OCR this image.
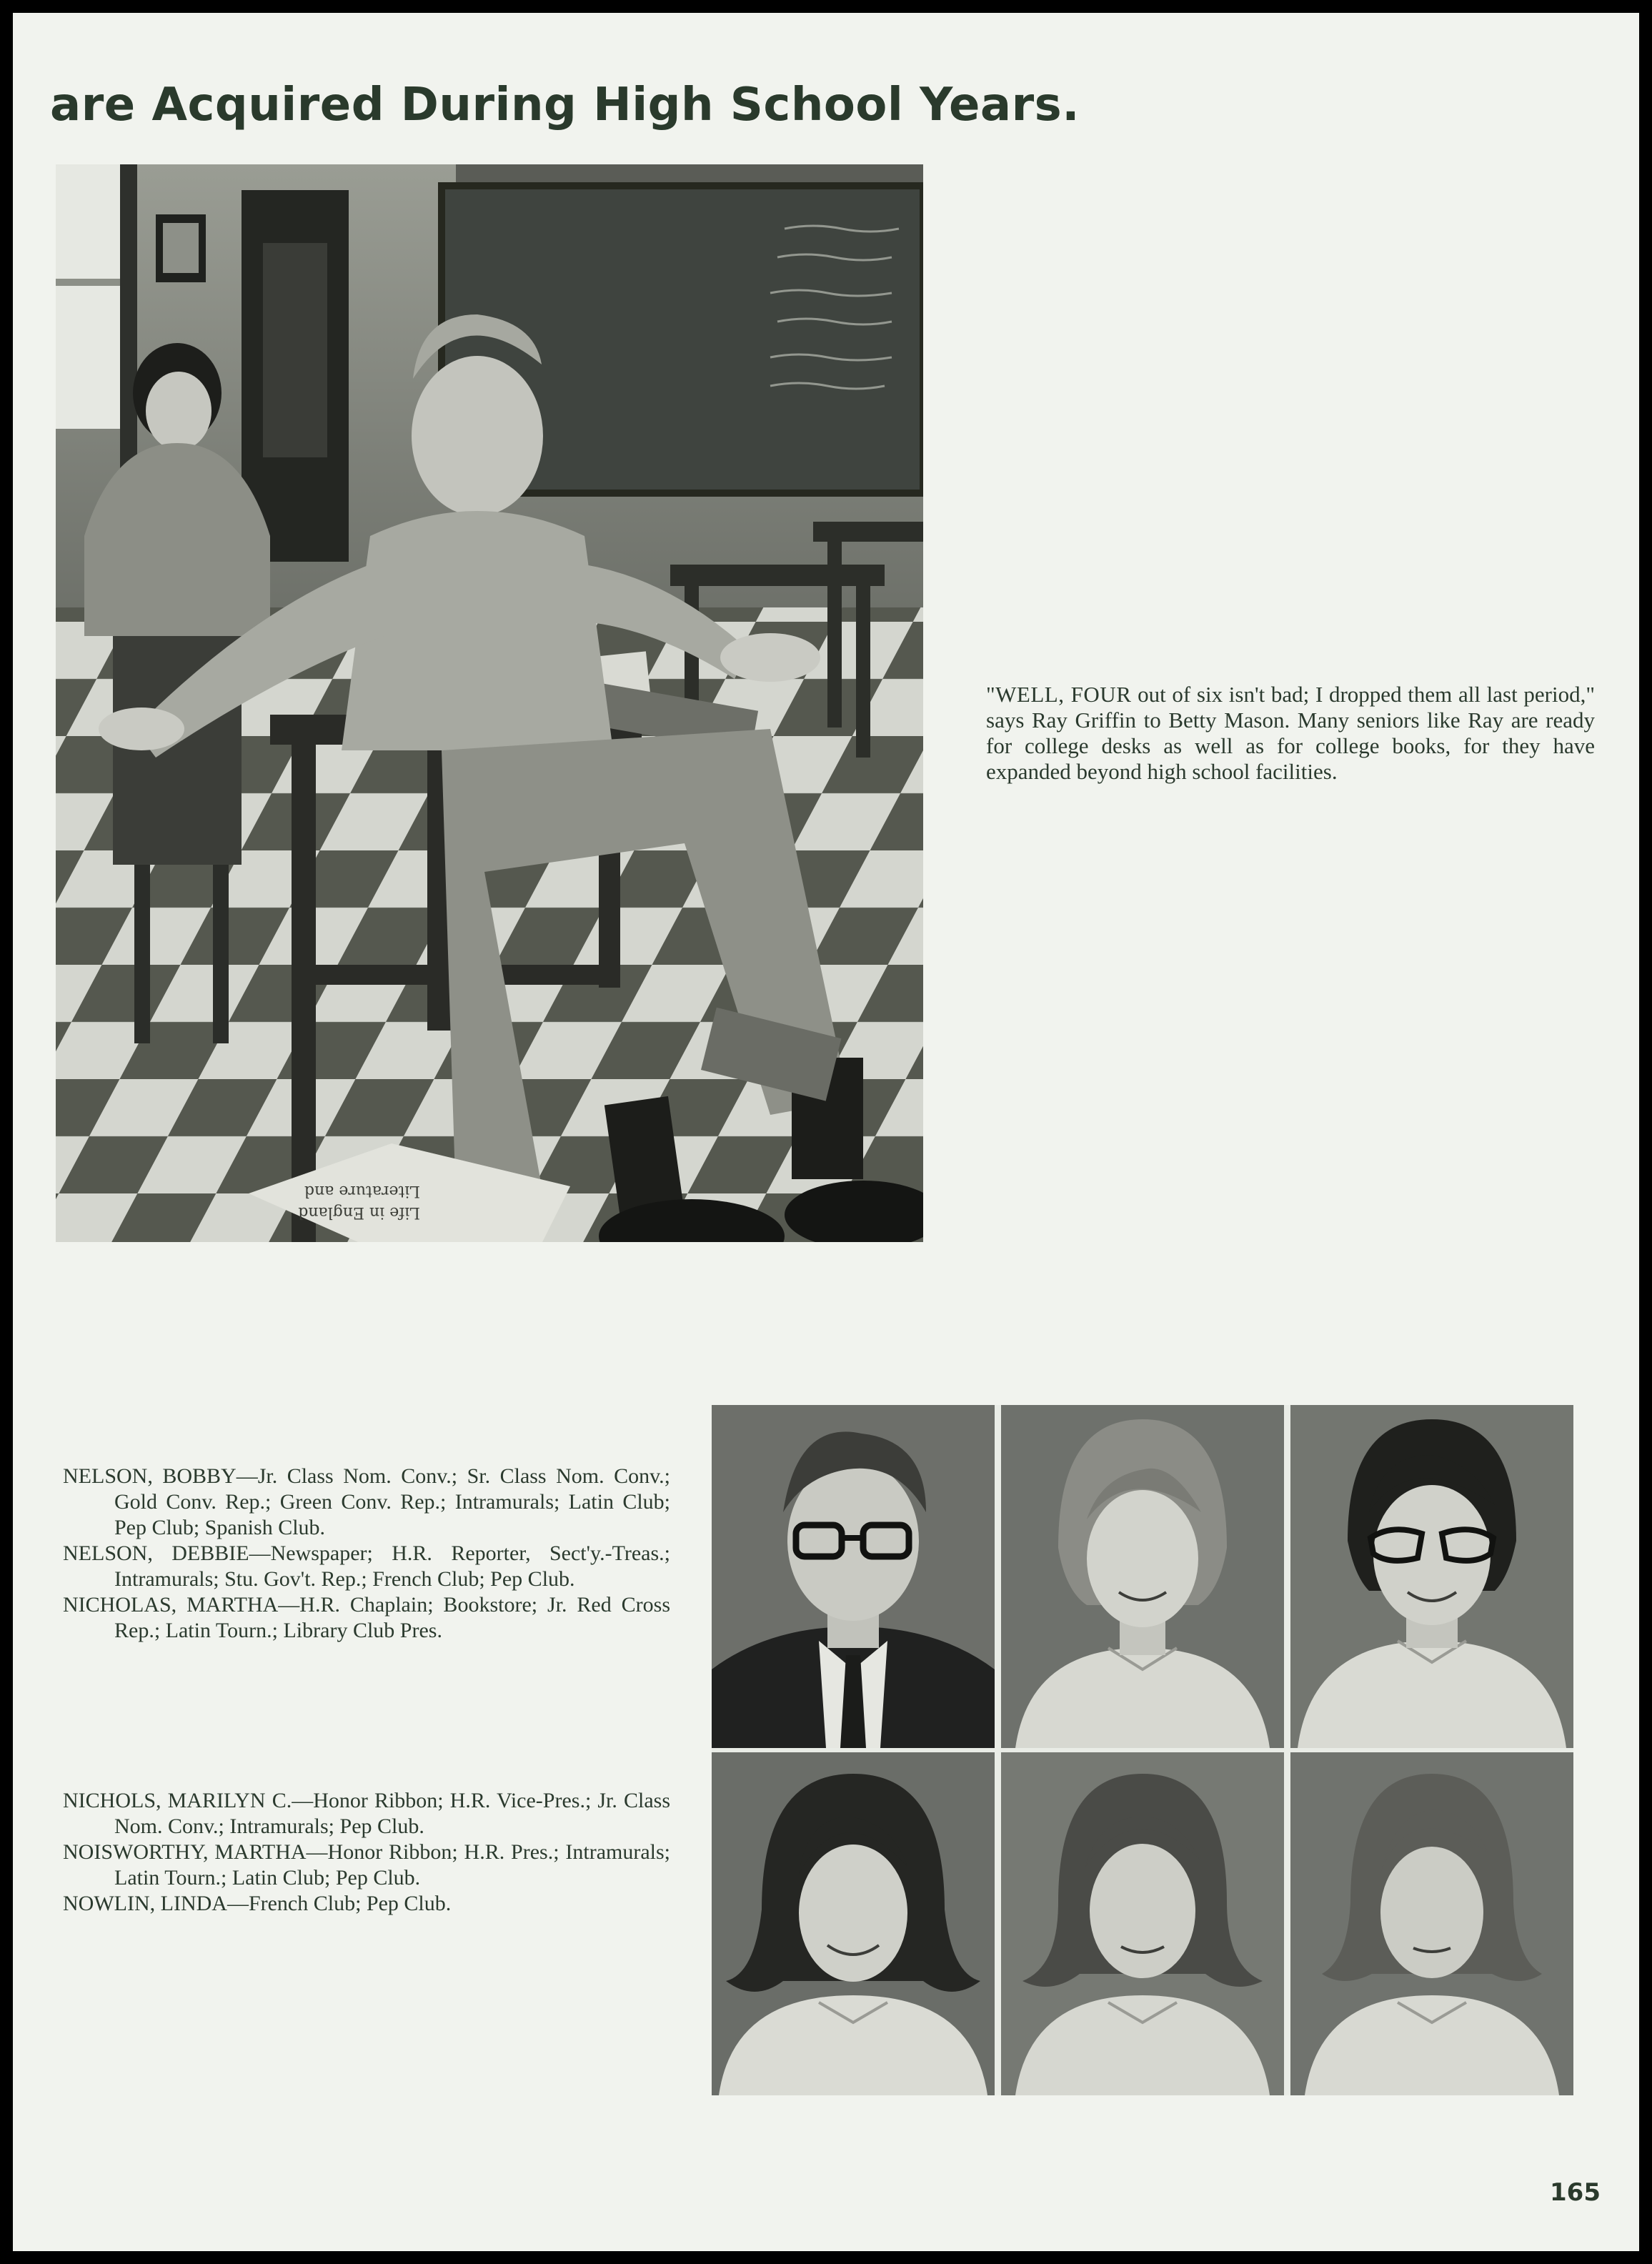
are Acquired During High School Years.
Literature and
Life in England

"WELL, FOUR out of six isn't bad; I dropped them all last period," says Ray Griffin to Betty Mason. Many seniors like Ray are ready for college desks as well as for college books, for they have expanded beyond high school facilities.

NELSON, BOBBY—Jr. Class Nom. Conv.; Sr. Class Nom. Conv.; Gold Conv. Rep.; Green Conv. Rep.; Intramurals; Latin Club; Pep Club; Spanish Club.

NELSON, DEBBIE—Newspaper; H.R. Reporter, Sect'y.-Treas.; Intramurals; Stu. Gov't. Rep.; French Club; Pep Club.

NICHOLAS, MARTHA—H.R. Chaplain; Bookstore; Jr. Red Cross Rep.; Latin Tourn.; Library Club Pres.

NICHOLS, MARILYN C.—Honor Ribbon; H.R. Vice-Pres.; Jr. Class Nom. Conv.; Intramurals; Pep Club.

NOISWORTHY, MARTHA—Honor Ribbon; H.R. Pres.; Intramurals; Latin Tourn.; Latin Club; Pep Club.

NOWLIN, LINDA—French Club; Pep Club.

165
